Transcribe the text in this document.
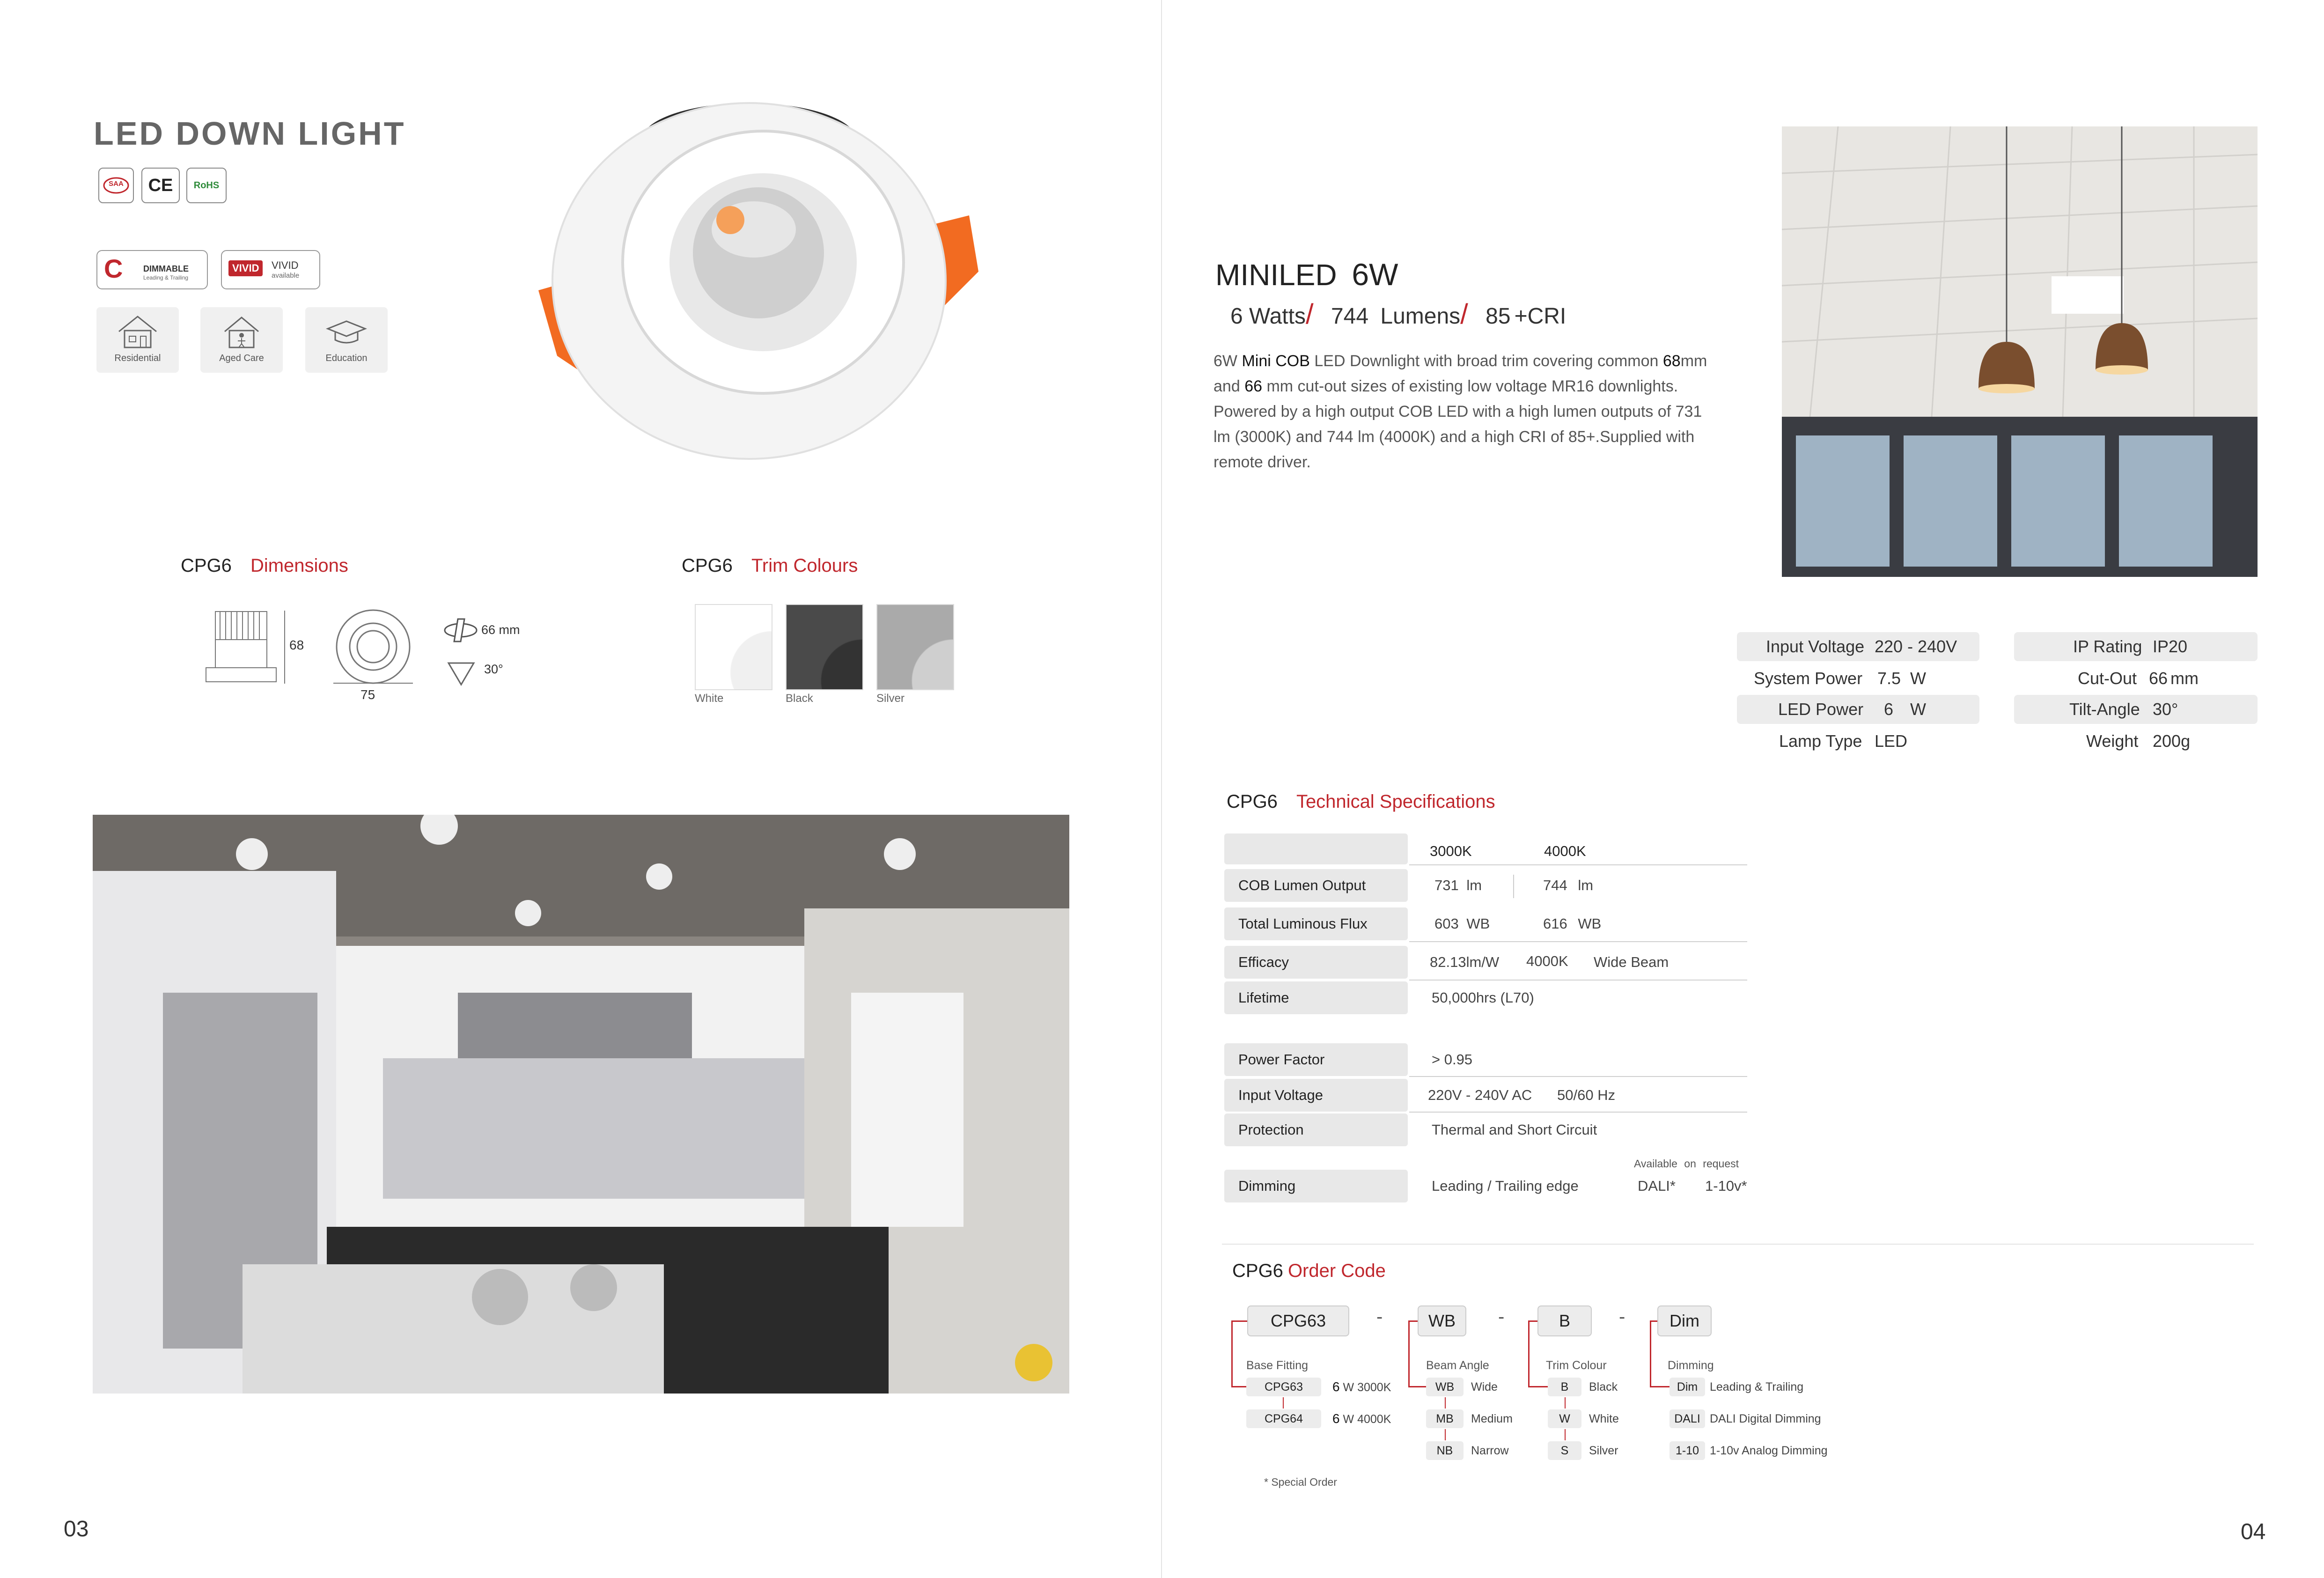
LED DOWN LIGHT
SAA	CE	RoHS
C DIMMABLE
Leading & Trailing
VIVID	VIVID
available
Residential	Aged Care	Education
CPG6 Dimensions
68
75
66 mm
30°
CPG6 Trim Colours
White	Black	Silver
03
MINILED 6W
6 Watts/ 744 Lumens/ 85 +CRI
6W Mini COB LED Downlight with broad trim covering common 68mm
and 66 mm cut-out sizes of existing low voltage MR16 downlights.
Powered by a high output COB LED with a high lumen outputs of 731
lm (3000K) and 744 lm (4000K) and a high CRI of 85+.Supplied with
remote driver.
Input Voltage 220 - 240V
System Power 7.5 W
LED Power 6 W
Lamp Type LED
IP Rating IP20
Cut-Out 66 mm
Tilt-Angle 30°
Weight 200g
CPG6 Technical Specifications
3000K	4000K
COB Lumen Output	731 lm	744 lm
Total Luminous Flux	603 WB	616 WB
Efficacy	82.13lm/W 4000K Wide Beam
Lifetime	50,000hrs (L70)
Power Factor	> 0.95
Input Voltage	220V - 240V AC 50/60 Hz
Protection	Thermal and Short Circuit
Available on request
Dimming	Leading / Trailing edge	DALI* 1-10v*
CPG6 Order Code
CPG63	-	WB	-	B	-	Dim
Base Fitting	Beam Angle	Trim Colour	Dimming
CPG63	6 W 3000K
CPG64	6 W 4000K
WB	Wide
MB	Medium
NB	Narrow
B	Black
W	White
S	Silver
Dim	Leading & Trailing
DALI DALI Digital Dimming
1-10 1-10v Analog Dimming
* Special Order
04
